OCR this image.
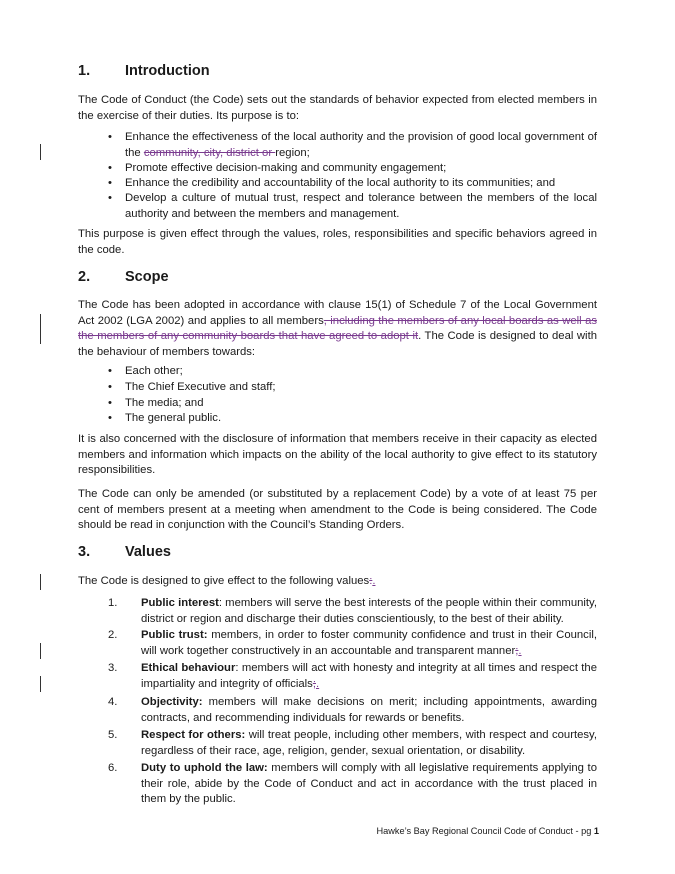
1. Introduction
The Code of Conduct (the Code) sets out the standards of behavior expected from elected members in the exercise of their duties. Its purpose is to:
• Enhance the effectiveness of the local authority and the provision of good local government of the community, city, district or region;
• Promote effective decision-making and community engagement;
• Enhance the credibility and accountability of the local authority to its communities; and
• Develop a culture of mutual trust, respect and tolerance between the members of the local authority and between the members and management.
This purpose is given effect through the values, roles, responsibilities and specific behaviors agreed in the code.
2. Scope
The Code has been adopted in accordance with clause 15(1) of Schedule 7 of the Local Government Act 2002 (LGA 2002) and applies to all members, including the members of any local boards as well as the members of any community boards that have agreed to adopt it. The Code is designed to deal with the behaviour of members towards:
• Each other;
• The Chief Executive and staff;
• The media; and
• The general public.
It is also concerned with the disclosure of information that members receive in their capacity as elected members and information which impacts on the ability of the local authority to give effect to its statutory responsibilities.
The Code can only be amended (or substituted by a replacement Code) by a vote of at least 75 per cent of members present at a meeting when amendment to the Code is being considered. The Code should be read in conjunction with the Council’s Standing Orders.
3. Values
The Code is designed to give effect to the following values:.
1. Public interest: members will serve the best interests of the people within their community, district or region and discharge their duties conscientiously, to the best of their ability.
2. Public trust: members, in order to foster community confidence and trust in their Council, will work together constructively in an accountable and transparent manner;.
3. Ethical behaviour: members will act with honesty and integrity at all times and respect the impartiality and integrity of officials;.
4. Objectivity: members will make decisions on merit; including appointments, awarding contracts, and recommending individuals for rewards or benefits.
5. Respect for others: will treat people, including other members, with respect and courtesy, regardless of their race, age, religion, gender, sexual orientation, or disability.
6. Duty to uphold the law: members will comply with all legislative requirements applying to their role, abide by the Code of Conduct and act in accordance with the trust placed in them by the public.
Hawke’s Bay Regional Council Code of Conduct - pg 1
